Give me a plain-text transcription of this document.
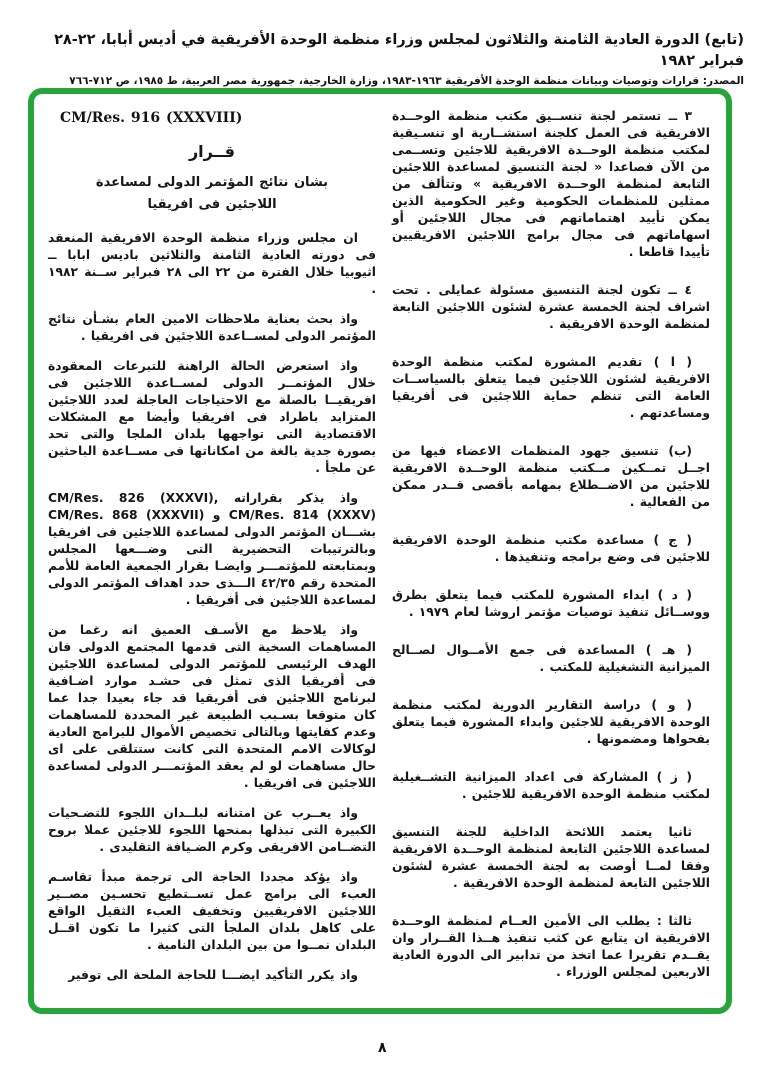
(تابع) الدورة العادية الثامنة والثلاثون لمجلس وزراء منظمة الوحدة الأفريقية في أديس أبابا، ٢٢-٢٨ فبراير ١٩٨٢
المصدر: قرارات وتوصيات وبيانات منظمة الوحدة الأفريقية ١٩٦٣-١٩٨٣، وزارة الخارجية، جمهورية مصر العربية، ط ١٩٨٥، ص ٧١٢-٧٦٦

٣ ــ تستمر لجنة تنســيق مكتب منظمة الوحــدة الافريقية فى العمل كلجنة استشــارية او تنسـيقية لمكتب منظمة الوحــدة الافريقية للاجئين وتســمى من الآن فصاعدا « لجنة التنسيق لمساعدة اللاجئين التابعة لمنظمة الوحــدة الافريقية » وتتألف من ممثلين للمنظمات الحكومية وغير الحكومية الذين يمكن تأييد اهتماماتهم فى مجال اللاجئين أو اسهاماتهم فى مجال برامج اللاجئين الافريقيين تأييدا قاطعا .

٤ ــ تكون لجنة التنسيق مسئولة عمايلى . تحت اشراف لجنة الخمسة عشرة لشئون اللاجئين التابعة لمنظمة الوحدة الافريقية .

( ا ) تقديم المشورة لمكتب منظمة الوحدة الافريقية لشئون اللاجئين فيما يتعلق بالسياســات العامة التى تنظم حماية اللاجئين فى أفريقيا ومساعدتهم .

(ب) تنسيق جهود المنظمات الاعضاء فيها من اجــل تمــكين مــكتب منظمة الوحــدة الافريقية للاجئين من الاضــطلاع بمهامه بأقصى قــدر ممكن من الفعالية .

( ج ) مساعدة مكتب منظمة الوحدة الافريقية للاجئين فى وضع برامجه وتنفيذها .

( د ) ابداء المشورة للمكتب فيما يتعلق بطرق ووســائل تنفيذ توصيات مؤتمر اروشا لعام ١٩٧٩ .

( هـ ) المساعدة فى جمع الأمــوال لصــالح الميزانية التشغيلية للمكتب .

( و ) دراسة التقارير الدورية لمكتب منظمة الوحدة الافريقية للاجئين وابداء المشورة فيما يتعلق بفحواها ومضمونها .

( ز ) المشاركة فى اعداد الميزانية التشــغيلية لمكتب منظمة الوحدة الافريقية للاجئين .

ثانيا يعتمد اللائحة الداخلية للجنة التنسيق لمساعدة اللاجئين التابعة لمنظمة الوحــدة الافريقية وفقا لمــا أوصت به لجنة الخمسة عشرة لشئون اللاجئين التابعة لمنظمة الوحدة الافريقية .

ثالثا : يطلب الى الأمين العــام لمنظمة الوحــدة الافريقية ان يتابع عن كثب تنفيذ هــذا القــرار وان يقــدم تقريرا عما اتخذ من تدابير الى الدورة العادية الاربعين لمجلس الوزراء .

CM/Res. 916 (XXXVIII)
قــرار
بشان نتائج المؤتمر الدولى لمساعدة
اللاجئين فى افريقيا

ان مجلس وزراء منظمة الوحدة الافريقية المنعقد فى دورته العادية الثامنة والثلاثين باديس ابابا ــ اثيوبيا خلال الفترة من ٢٢ الى ٢٨ فبراير ســنة ١٩٨٢ .

واذ بحث بعناية ملاحظات الامين العام بشـأن نتائج المؤتمر الدولى لمســاعدة اللاجئين فى افريقيا .

واذ استعرض الحالة الراهنة للتبرعات المعقودة خلال المؤتمــر الدولى لمســاعدة اللاجئين فى افريقيــا بالصلة مع الاحتياجات العاجلة لعدد اللاجئين المتزايد باطراد فى افريقيا وأيضا مع المشكلات الاقتصادية التى تواجهها بلدان الملجا والتى تحد بصورة جدية بالغة من امكاناتها فى مســاعدة الباحثين عن ملجأ .

واذ يذكر بقراراته CM/Res. 826 (XXXVI), CM/Res. 814 (XXXV) و CM/Res. 868 (XXXVII) بشـــان المؤتمر الدولى لمساعدة اللاجئين فى افريقيا وبالترتيبات التحضيرية التى وضـــعها المجلس وبمتابعته للمؤتمـــر وايضـا بقرار الجمعية العامة للأمم المتحدة رقم ٤٢/٣٥ الـــذى حدد اهداف المؤتمر الدولى لمساعدة اللاجئين فى أفريقيا .

واذ يلاحظ مع الأسـف العميق انه رغما من المساهمات السخية التى قدمها المجتمع الدولى فان الهدف الرئيسى للمؤتمر الدولى لمساعدة اللاجئين فى أفريقيا الذى تمثل فى حشـد موارد اضـافية لبرنامج اللاجئين فى أفريقيا قد جاء بعيدا جدا عما كان متوقعا بسـبب الطبيعة غير المحددة للمساهمات وعدم كفايتها وبالتالى تخصيص الأموال للبرامج العادية لوكالات الامم المتحدة التى كانت ستتلقى على اى حال مساهمات لو لم يعقد المؤتمـــر الدولى لمساعدة اللاجئين فى افريقيا .

واذ يعــرب عن امتنانه لبلــدان اللجوء للتضـحيات الكبيرة التى تبذلها بمنحها اللجوء للاجئين عملا بروح التضــامن الافريقى وكرم الضـيافة التقليدى .

واذ يؤكد مجددا الحاجة الى ترجمة مبدأ تقاسـم العبء الى برامج عمل تســتطيع تحسـين مصــير اللاجئين الافريقيين وتخفيف العبء الثقيل الواقع على كاهل بلدان الملجأ التى كثيرا ما تكون اقــل البلدان نمــوا من بين البلدان النامية .

واذ يكرر التأكيد ايضـــا للحاجة الملحة الى توفير

٨
